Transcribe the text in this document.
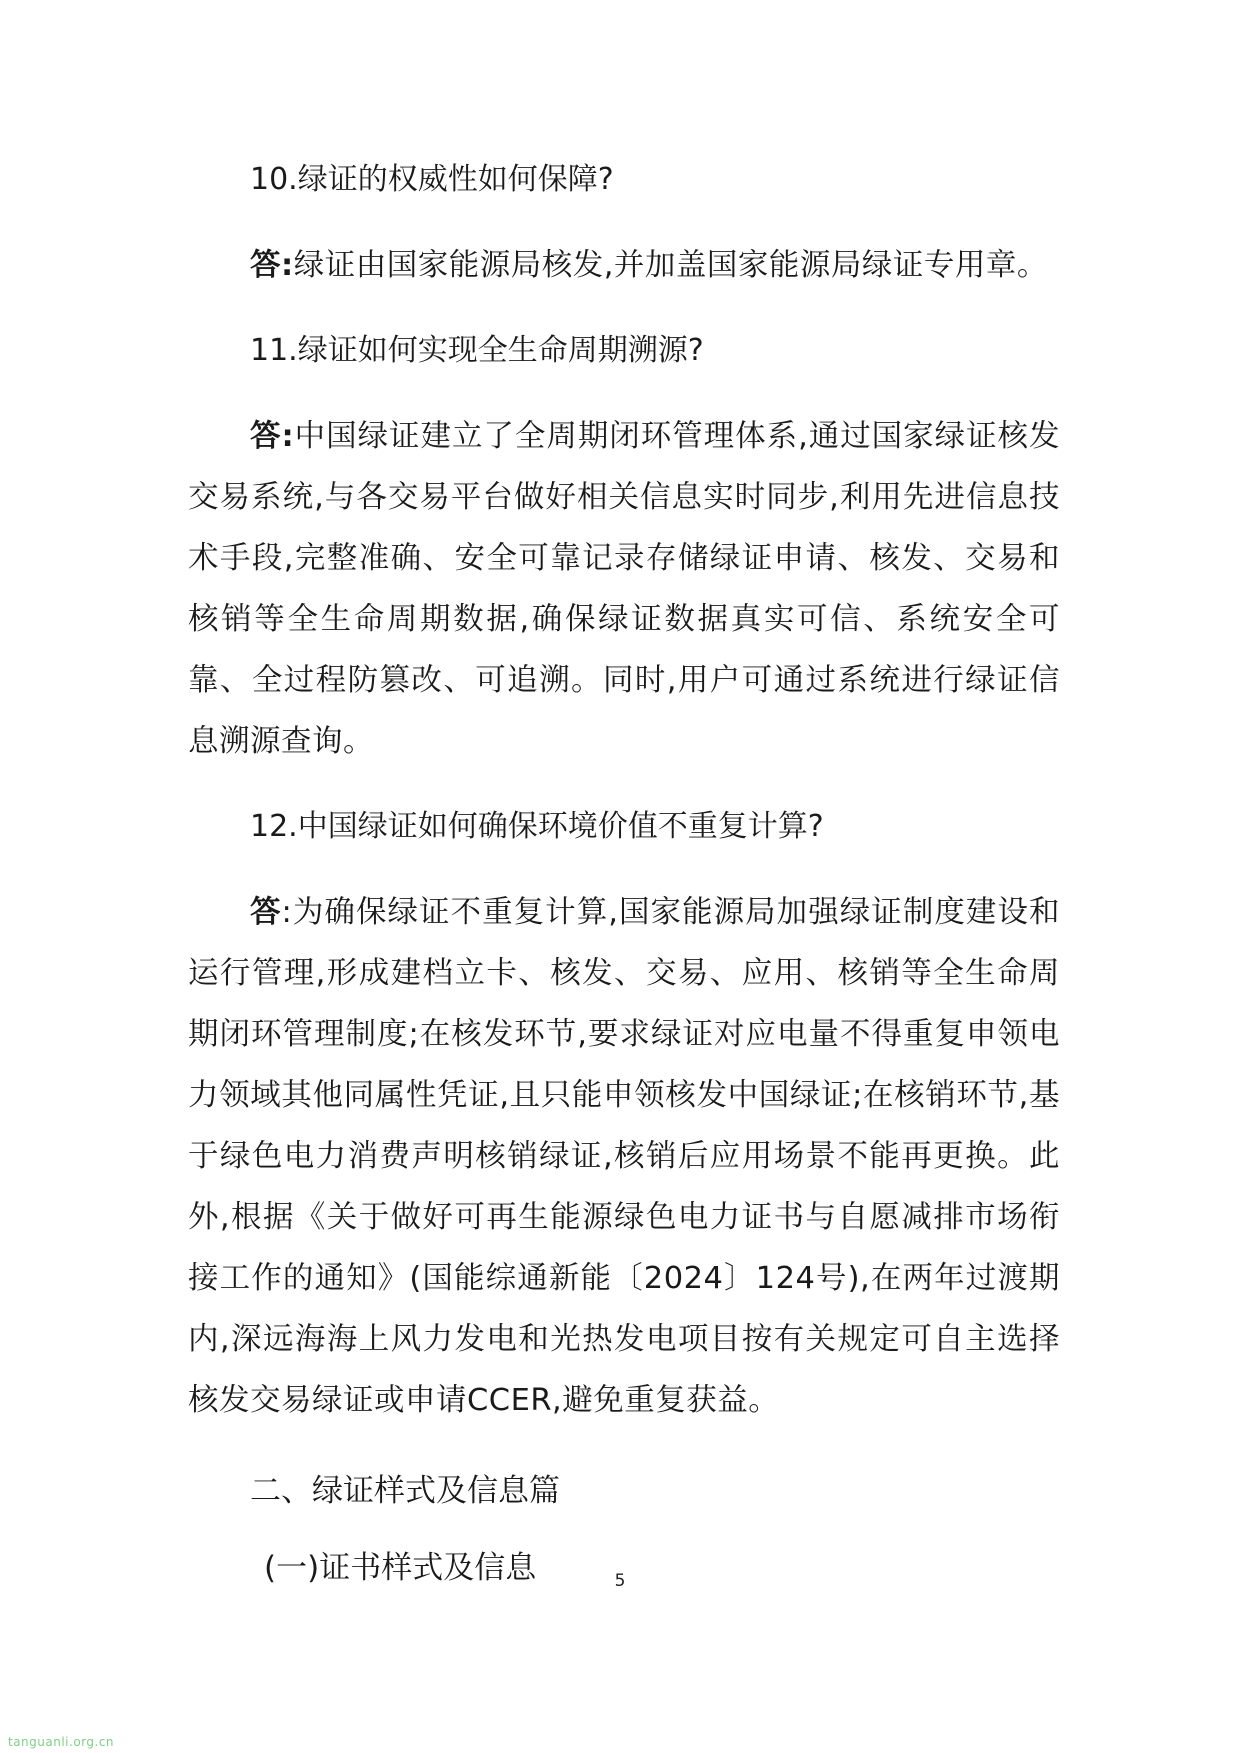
10.绿证的权威性如何保障?

答:绿证由国家能源局核发,并加盖国家能源局绿证专用章。

11.绿证如何实现全生命周期溯源?

答:中国绿证建立了全周期闭环管理体系,通过国家绿证核发交易系统,与各交易平台做好相关信息实时同步,利用先进信息技术手段,完整准确、安全可靠记录存储绿证申请、核发、交易和核销等全生命周期数据,确保绿证数据真实可信、系统安全可靠、全过程防篡改、可追溯。同时,用户可通过系统进行绿证信息溯源查询。

12.中国绿证如何确保环境价值不重复计算?

答:为确保绿证不重复计算,国家能源局加强绿证制度建设和运行管理,形成建档立卡、核发、交易、应用、核销等全生命周期闭环管理制度;在核发环节,要求绿证对应电量不得重复申领电力领域其他同属性凭证,且只能申领核发中国绿证;在核销环节,基于绿色电力消费声明核销绿证,核销后应用场景不能再更换。此外,根据《关于做好可再生能源绿色电力证书与自愿减排市场衔接工作的通知》(国能综通新能〔2024〕124号),在两年过渡期内,深远海海上风力发电和光热发电项目按有关规定可自主选择核发交易绿证或申请CCER,避免重复获益。

二、绿证样式及信息篇

(一)证书样式及信息	5
tanguanli.org.cn
